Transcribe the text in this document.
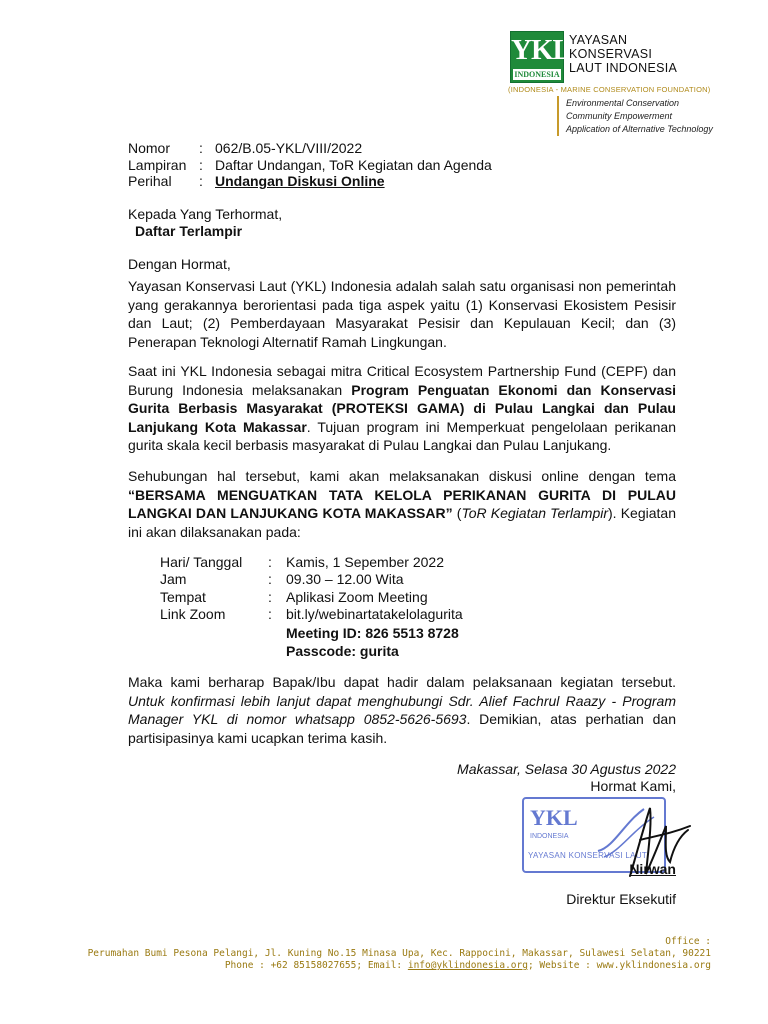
YKL
INDONESIA
YAYASAN
KONSERVASI
LAUT INDONESIA
(INDONESIA - MARINE CONSERVATION FOUNDATION)
Environmental Conservation
Community Empowerment
Application of Alternative Technology
Nomor : 062/B.05-YKL/VIII/2022
Lampiran : Daftar Undangan, ToR Kegiatan dan Agenda
Perihal : Undangan Diskusi Online
Kepada Yang Terhormat,
Daftar Terlampir
Dengan Hormat,
Yayasan Konservasi Laut (YKL) Indonesia adalah salah satu organisasi non pemerintah yang gerakannya berorientasi pada tiga aspek yaitu (1) Konservasi Ekosistem Pesisir dan Laut; (2) Pemberdayaan Masyarakat Pesisir dan Kepulauan Kecil; dan (3) Penerapan Teknologi Alternatif Ramah Lingkungan.
Saat ini YKL Indonesia sebagai mitra Critical Ecosystem Partnership Fund (CEPF) dan Burung Indonesia melaksanakan Program Penguatan Ekonomi dan Konservasi Gurita Berbasis Masyarakat (PROTEKSI GAMA) di Pulau Langkai dan Pulau Lanjukang Kota Makassar. Tujuan program ini Memperkuat pengelolaan perikanan gurita skala kecil berbasis masyarakat di Pulau Langkai dan Pulau Lanjukang.
Sehubungan hal tersebut, kami akan melaksanakan diskusi online dengan tema “BERSAMA MENGUATKAN TATA KELOLA PERIKANAN GURITA DI PULAU LANGKAI DAN LANJUKANG KOTA MAKASSAR” (ToR Kegiatan Terlampir). Kegiatan ini akan dilaksanakan pada:
Hari/ Tanggal : Kamis, 1 Sepember 2022
Jam	: 09.30 – 12.00 Wita
Tempat	: Aplikasi Zoom Meeting
Link Zoom	: bit.ly/webinartatakelolagurita
Meeting ID: 826 5513 8728
Passcode: gurita
Maka kami berharap Bapak/Ibu dapat hadir dalam pelaksanaan kegiatan tersebut. Untuk konfirmasi lebih lanjut dapat menghubungi Sdr. Alief Fachrul Raazy - Program Manager YKL di nomor whatsapp 0852-5626-5693. Demikian, atas perhatian dan partisipasinya kami ucapkan terima kasih.
Makassar, Selasa 30 Agustus 2022
Hormat Kami,
YKL
INDONESIA
YAYASAN KONSERVASI LAUT
Nirwan
Direktur Eksekutif
Office :
Perumahan Bumi Pesona Pelangi, Jl. Kuning No.15 Minasa Upa, Kec. Rappocini, Makassar, Sulawesi Selatan, 90221
Phone : +62 85158027655; Email: info@yklindonesia.org; Website : www.yklindonesia.org
